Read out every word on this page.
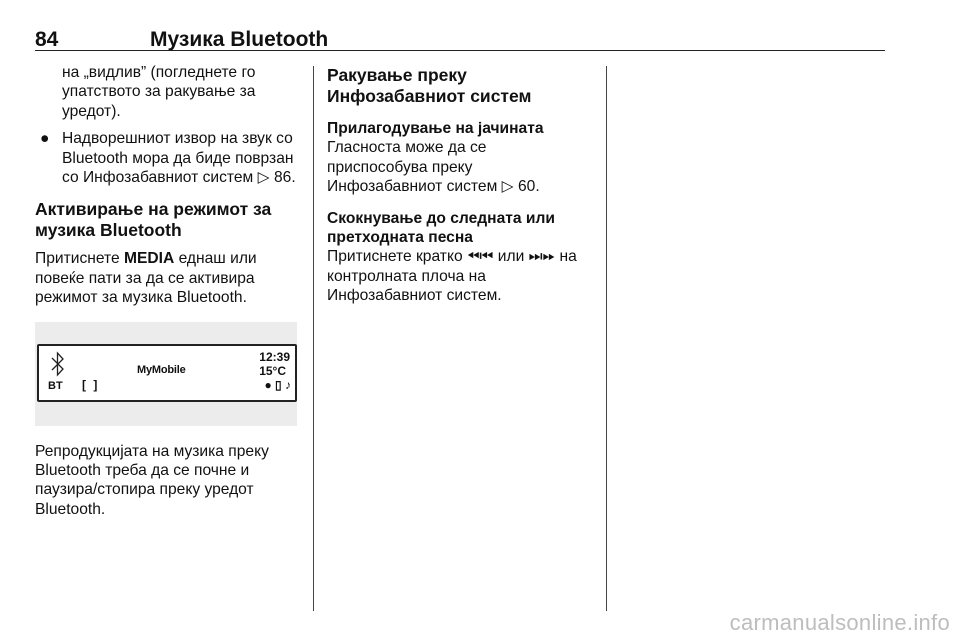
84	Музика Bluetooth

на „видлив” (погледнете го упатството за ракување за уредот).

● Надворешниот извор на звук со Bluetooth мора да биде поврзан со Инфозабавниот систем ▷ 86.

Активирање на режимот за музика Bluetooth

Притиснете MEDIA еднаш или повеќе пати за да се активира режимот за музика Bluetooth.

BT [ ]
MyMobile
12:39
15°C
● ▯ ♪

Репродукцијата на музика преку Bluetooth треба да се почне и паузира/стопира преку уредот Bluetooth.

Ракување преку Инфозабавниот систем
Прилагодување на јачината

Гласноста може да се приспособува преку Инфозабавниот систем ▷ 60.

Скокнување до следната или претходната песна

Притиснете кратко ⏪︎⏮︎ или ⏭︎⏩︎ на контролната плоча на Инфозабавниот систем.

carmanualsonline.info
